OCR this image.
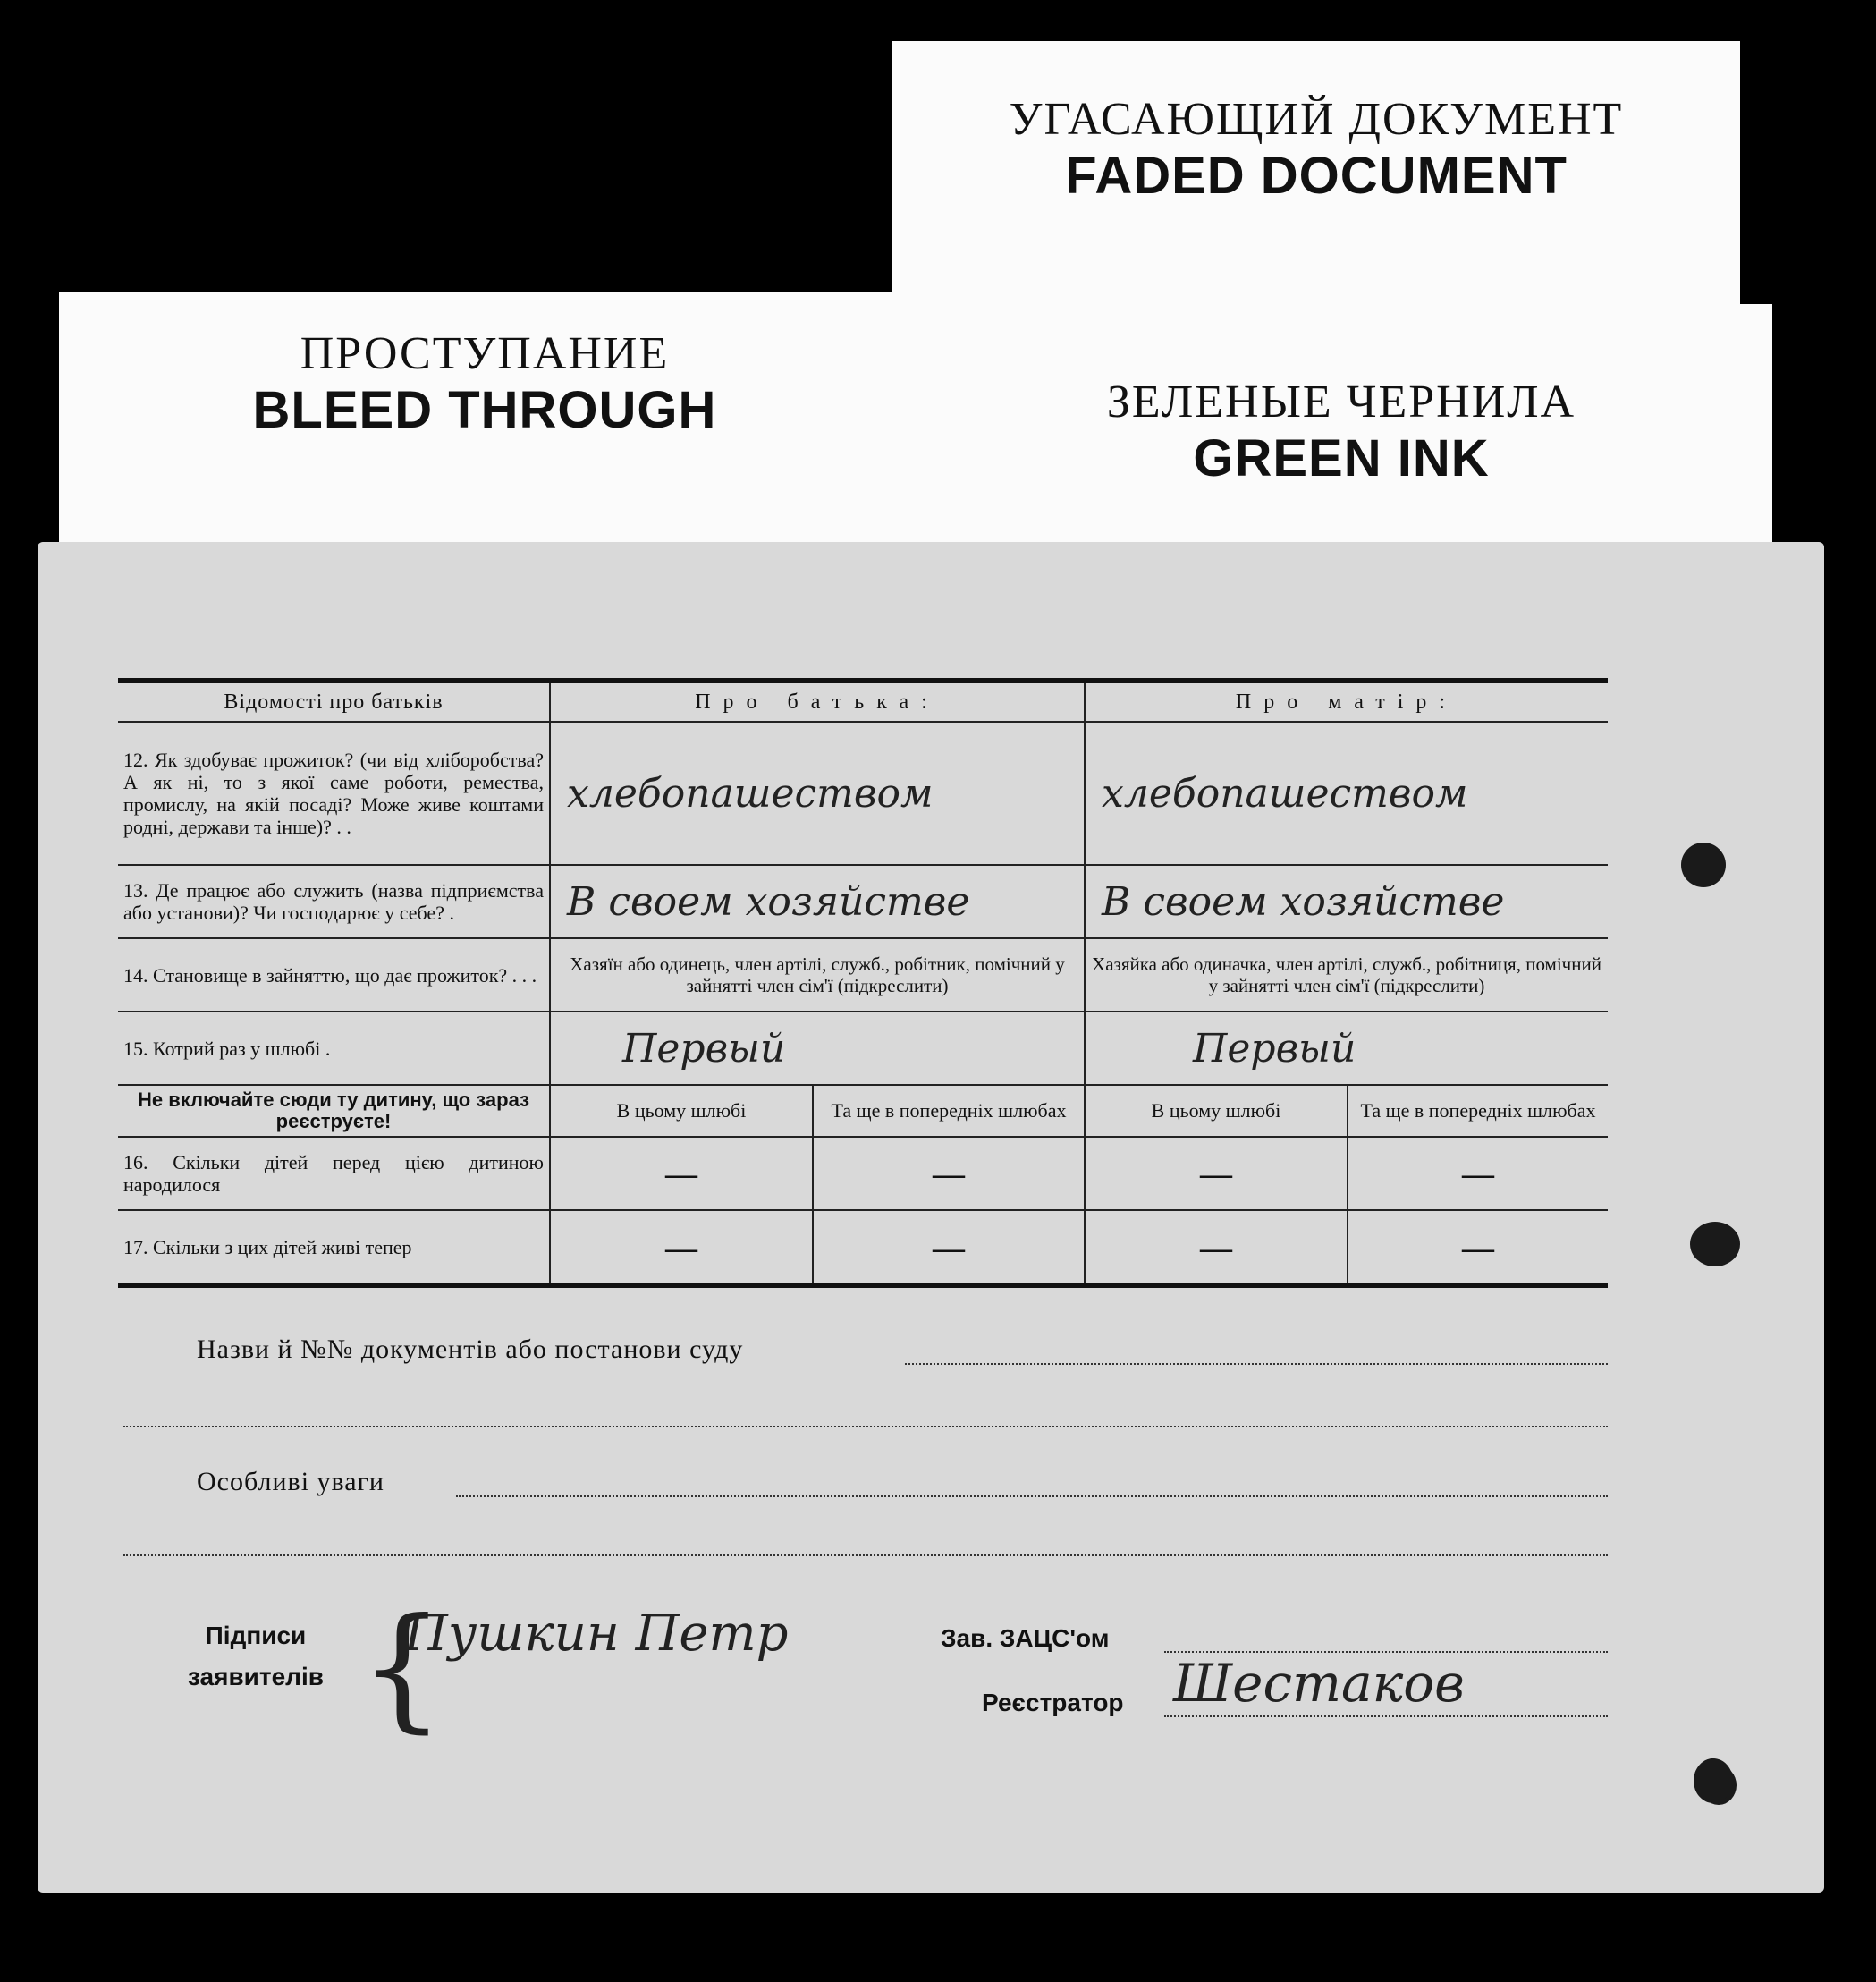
УГАСАЮЩИЙ ДОКУМЕНТ
FADED DOCUMENT
ПРОСТУПАНИЕ
BLEED THROUGH	ЗЕЛЕНЫЕ ЧЕРНИЛА
GREEN INK
Відомості про батьків	Про батька:		Про матір:	
12. Як здобуває прожиток? (чи від хліборобства? А як ні, то з якої саме роботи, ремества, промислу, на якій посаді? Може живе коштами родні, держави та інше)? . .	хлебопашеством		хлебопашеством	
13. Де працює або служить (назва підприємства або установи)? Чи господарює у себе? .	В своем хозяйстве		В своем хозяйстве	
14. Становище в зайняттю, що дає прожиток? . . .	Хазяїн або одинець, член артілі, служб., робітник, помічний у зайнятті член сім'ї (підкреслити)		Хазяйка або одиначка, член артілі, служб., робітниця, помічний у зайнятті член сім'ї (підкреслити)	
15. Котрий раз у шлюбі .	Первый		Первый	
Не включайте сюди ту дитину, що зараз реєструєте!	В цьому шлюбі	Та ще в попередніх шлюбах	В цьому шлюбі	Та ще в попередніх шлюбах
16. Скільки дітей перед цією дитиною народилося	—	—	—	—
17. Скільки з цих дітей живі тепер	—	—	—	—
Назви й №№ документів або постанови суду
Особливі уваги
Підписи
заявителів {
Пушкин Петр	Зав. ЗАЦС'ом
Реєстратор Шестаков
